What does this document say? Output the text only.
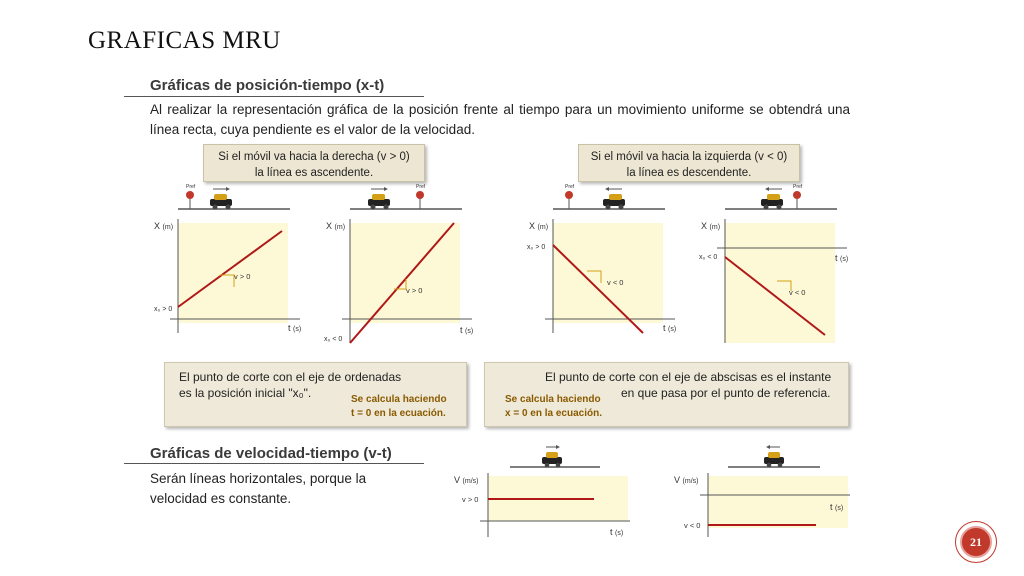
GRAFICAS MRU
Gráficas de posición-tiempo (x-t)
Al realizar la representación gráfica de la posición frente al tiempo para un movimiento uniforme se obtendrá una línea recta, cuya pendiente es el valor de la velocidad.
Si el móvil va hacia la derecha (v > 0)
la línea es ascendente.
Si el móvil va hacia la izquierda (v < 0)
la línea es descendente.
Pref
X (m)
t (s)
x₀ > 0
v > 0
Pref
X (m)
t (s)
x₀ < 0
v > 0
Pref
X (m)
t (s)
x₀ > 0
v < 0
Pref
X (m)
t (s)
x₀ < 0
v < 0
El punto de corte con el eje de ordenadas
es la posición inicial "x₀".	Se calcula haciendo
t = 0 en la ecuación.
El punto de corte con el eje de abscisas es el instante
en que pasa por el punto de referencia.
Se calcula haciendo
x = 0 en la ecuación.
Gráficas de velocidad-tiempo (v-t)
Serán líneas horizontales, porque la
velocidad es constante.
V (m/s)
t (s)
v > 0
V (m/s)
t (s)
v < 0
21
